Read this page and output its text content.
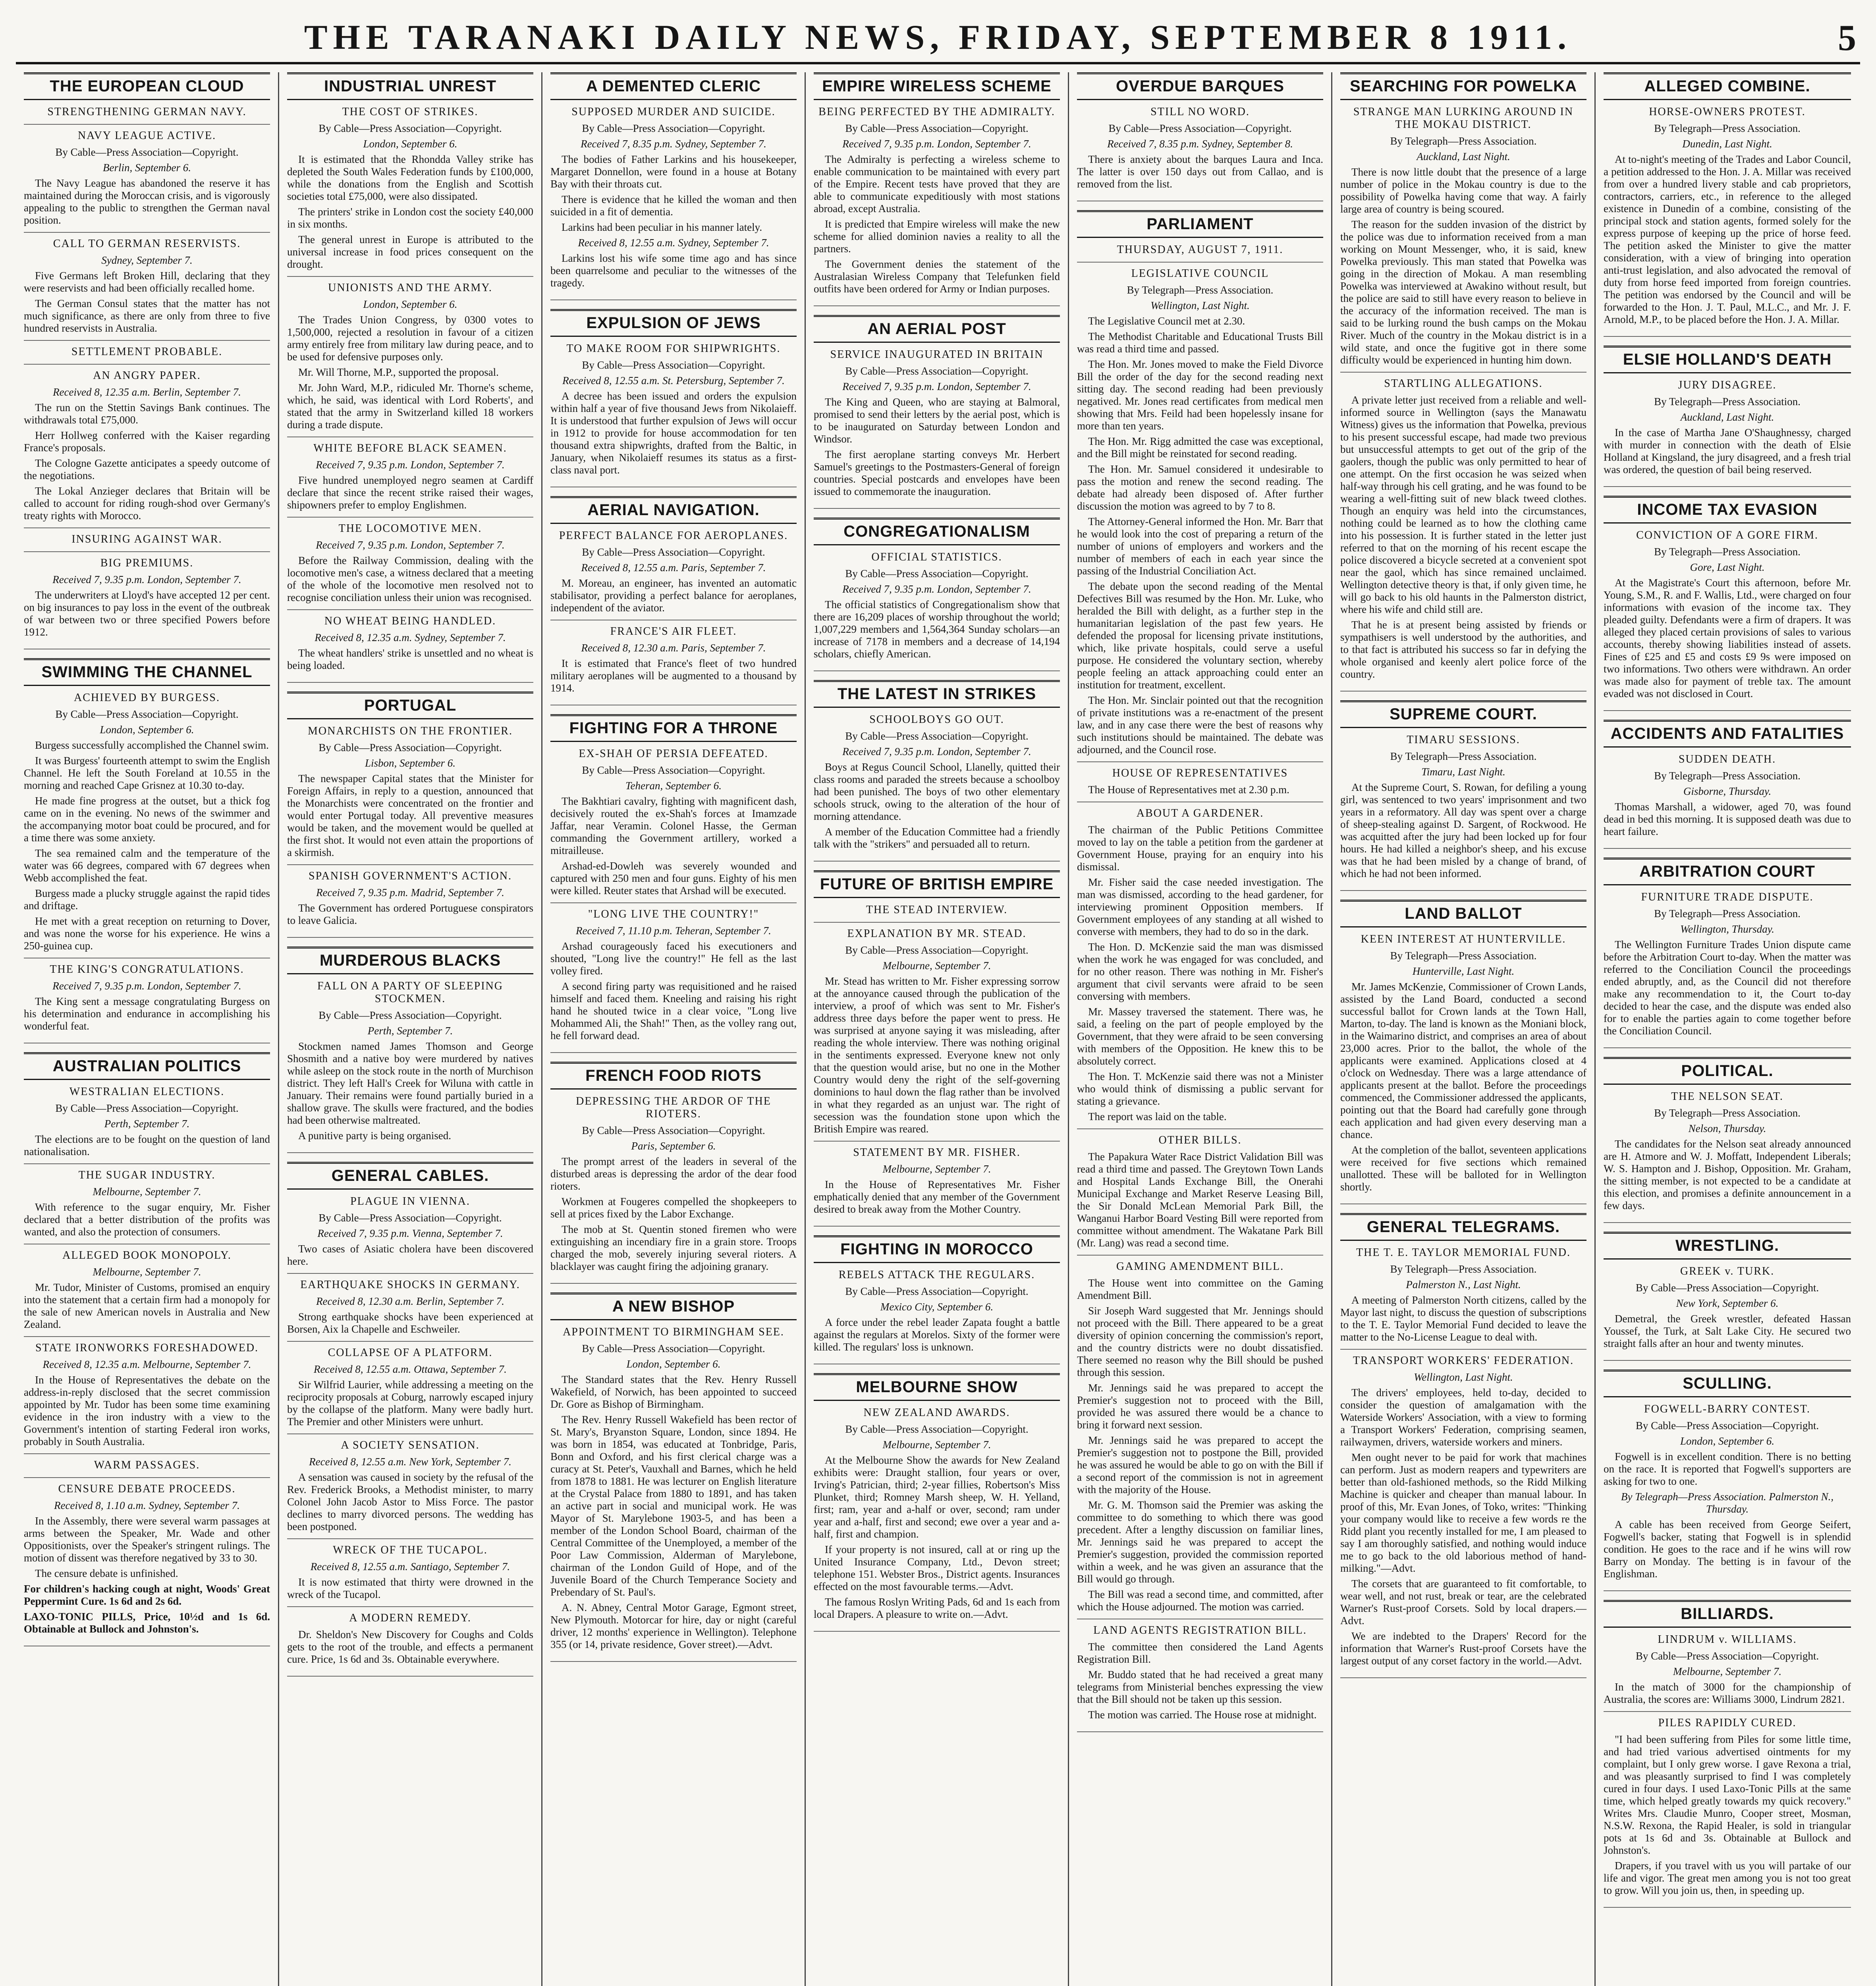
THE TARANAKI DAILY NEWS, FRIDAY, SEPTEMBER 8 1911.	5
THE EUROPEAN CLOUD
STRENGTHENING GERMAN NAVY.
NAVY LEAGUE ACTIVE.

By Cable—Press Association—Copyright.

Berlin, September 6.

The Navy League has abandoned the reserve it has maintained during the Moroccan crisis, and is vigorously appealing to the public to strengthen the German naval position.

CALL TO GERMAN RESERVISTS.

Sydney, September 7.

Five Germans left Broken Hill, declaring that they were reservists and had been officially recalled home.

The German Consul states that the matter has not much significance, as there are only from three to five hundred reservists in Australia.

SETTLEMENT PROBABLE.
AN ANGRY PAPER.

Received 8, 12.35 a.m. Berlin, September 7.

The run on the Stettin Savings Bank continues. The withdrawals total £75,000.

Herr Hollweg conferred with the Kaiser regarding France's proposals.

The Cologne Gazette anticipates a speedy outcome of the negotiations.

The Lokal Anzieger declares that Britain will be called to account for riding rough-shod over Germany's treaty rights with Morocco.

INSURING AGAINST WAR.
BIG PREMIUMS.

Received 7, 9.35 p.m. London, September 7.

The underwriters at Lloyd's have accepted 12 per cent. on big insurances to pay loss in the event of the outbreak of war between two or three specified Powers before 1912.

SWIMMING THE CHANNEL
ACHIEVED BY BURGESS.

By Cable—Press Association—Copyright.

London, September 6.

Burgess successfully accomplished the Channel swim.

It was Burgess' fourteenth attempt to swim the English Channel. He left the South Foreland at 10.55 in the morning and reached Cape Grisnez at 10.30 to-day.

He made fine progress at the outset, but a thick fog came on in the evening. No news of the swimmer and the accompanying motor boat could be procured, and for a time there was some anxiety.

The sea remained calm and the temperature of the water was 66 degrees, compared with 67 degrees when Webb accomplished the feat.

Burgess made a plucky struggle against the rapid tides and driftage.

He met with a great reception on returning to Dover, and was none the worse for his experience. He wins a 250-guinea cup.

THE KING'S CONGRATULATIONS.

Received 7, 9.35 p.m. London, September 7.

The King sent a message congratulating Burgess on his determination and endurance in accomplishing his wonderful feat.

AUSTRALIAN POLITICS
WESTRALIAN ELECTIONS.

By Cable—Press Association—Copyright.

Perth, September 7.

The elections are to be fought on the question of land nationalisation.

THE SUGAR INDUSTRY.

Melbourne, September 7.

With reference to the sugar enquiry, Mr. Fisher declared that a better distribution of the profits was wanted, and also the protection of consumers.

ALLEGED BOOK MONOPOLY.

Melbourne, September 7.

Mr. Tudor, Minister of Customs, promised an enquiry into the statement that a certain firm had a monopoly for the sale of new American novels in Australia and New Zealand.

STATE IRONWORKS FORESHADOWED.

Received 8, 12.35 a.m. Melbourne, September 7.

In the House of Representatives the debate on the address-in-reply disclosed that the secret commission appointed by Mr. Tudor has been some time examining evidence in the iron industry with a view to the Government's intention of starting Federal iron works, probably in South Australia.

WARM PASSAGES.
CENSURE DEBATE PROCEEDS.

Received 8, 1.10 a.m. Sydney, September 7.

In the Assembly, there were several warm passages at arms between the Speaker, Mr. Wade and other Oppositionists, over the Speaker's stringent rulings. The motion of dissent was therefore negatived by 33 to 30.

The censure debate is unfinished.

For children's hacking cough at night, Woods' Great Peppermint Cure. 1s 6d and 2s 6d.

LAXO-TONIC PILLS, Price, 10½d and 1s 6d. Obtainable at Bullock and Johnston's.

INDUSTRIAL UNREST
THE COST OF STRIKES.

By Cable—Press Association—Copyright.

London, September 6.

It is estimated that the Rhondda Valley strike has depleted the South Wales Federation funds by £100,000, while the donations from the English and Scottish societies total £75,000, were also dissipated.

The printers' strike in London cost the society £40,000 in six months.

The general unrest in Europe is attributed to the universal increase in food prices consequent on the drought.

UNIONISTS AND THE ARMY.

London, September 6.

The Trades Union Congress, by 0300 votes to 1,500,000, rejected a resolution in favour of a citizen army entirely free from military law during peace, and to be used for defensive purposes only.

Mr. Will Thorne, M.P., supported the proposal.

Mr. John Ward, M.P., ridiculed Mr. Thorne's scheme, which, he said, was identical with Lord Roberts', and stated that the army in Switzerland killed 18 workers during a trade dispute.

WHITE BEFORE BLACK SEAMEN.

Received 7, 9.35 p.m. London, September 7.

Five hundred unemployed negro seamen at Cardiff declare that since the recent strike raised their wages, shipowners prefer to employ Englishmen.

THE LOCOMOTIVE MEN.

Received 7, 9.35 p.m. London, September 7.

Before the Railway Commission, dealing with the locomotive men's case, a witness declared that a meeting of the whole of the locomotive men resolved not to recognise conciliation unless their union was recognised.

NO WHEAT BEING HANDLED.

Received 8, 12.35 a.m. Sydney, September 7.

The wheat handlers' strike is unsettled and no wheat is being loaded.

PORTUGAL
MONARCHISTS ON THE FRONTIER.

By Cable—Press Association—Copyright.

Lisbon, September 6.

The newspaper Capital states that the Minister for Foreign Affairs, in reply to a question, announced that the Monarchists were concentrated on the frontier and would enter Portugal today. All preventive measures would be taken, and the movement would be quelled at the first shot. It would not even attain the proportions of a skirmish.

SPANISH GOVERNMENT'S ACTION.

Received 7, 9.35 p.m. Madrid, September 7.

The Government has ordered Portuguese conspirators to leave Galicia.

MURDEROUS BLACKS
FALL ON A PARTY OF SLEEPING STOCKMEN.

By Cable—Press Association—Copyright.

Perth, September 7.

Stockmen named James Thomson and George Shosmith and a native boy were murdered by natives while asleep on the stock route in the north of Murchison district. They left Hall's Creek for Wiluna with cattle in January. Their remains were found partially buried in a shallow grave. The skulls were fractured, and the bodies had been otherwise maltreated.

A punitive party is being organised.

GENERAL CABLES.
PLAGUE IN VIENNA.

By Cable—Press Association—Copyright.

Received 7, 9.35 p.m. Vienna, September 7.

Two cases of Asiatic cholera have been discovered here.

EARTHQUAKE SHOCKS IN GERMANY.

Received 8, 12.30 a.m. Berlin, September 7.

Strong earthquake shocks have been experienced at Borsen, Aix la Chapelle and Eschweiler.

COLLAPSE OF A PLATFORM.

Received 8, 12.55 a.m. Ottawa, September 7.

Sir Wilfrid Laurier, while addressing a meeting on the reciprocity proposals at Coburg, narrowly escaped injury by the collapse of the platform. Many were badly hurt. The Premier and other Ministers were unhurt.

A SOCIETY SENSATION.

Received 8, 12.55 a.m. New York, September 7.

A sensation was caused in society by the refusal of the Rev. Frederick Brooks, a Methodist minister, to marry Colonel John Jacob Astor to Miss Force. The pastor declines to marry divorced persons. The wedding has been postponed.

WRECK OF THE TUCAPOL.

Received 8, 12.55 a.m. Santiago, September 7.

It is now estimated that thirty were drowned in the wreck of the Tucapol.

A MODERN REMEDY.

Dr. Sheldon's New Discovery for Coughs and Colds gets to the root of the trouble, and effects a permanent cure. Price, 1s 6d and 3s. Obtainable everywhere.

A DEMENTED CLERIC
SUPPOSED MURDER AND SUICIDE.

By Cable—Press Association—Copyright.

Received 7, 8.35 p.m. Sydney, September 7.

The bodies of Father Larkins and his housekeeper, Margaret Donnellon, were found in a house at Botany Bay with their throats cut.

There is evidence that he killed the woman and then suicided in a fit of dementia.

Larkins had been peculiar in his manner lately.

Received 8, 12.55 a.m. Sydney, September 7.

Larkins lost his wife some time ago and has since been quarrelsome and peculiar to the witnesses of the tragedy.

EXPULSION OF JEWS
TO MAKE ROOM FOR SHIPWRIGHTS.

By Cable—Press Association—Copyright.

Received 8, 12.55 a.m. St. Petersburg, September 7.

A decree has been issued and orders the expulsion within half a year of five thousand Jews from Nikolaieff. It is understood that further expulsion of Jews will occur in 1912 to provide for house accommodation for ten thousand extra shipwrights, drafted from the Baltic, in January, when Nikolaieff resumes its status as a first-class naval port.

AERIAL NAVIGATION.
PERFECT BALANCE FOR AEROPLANES.

By Cable—Press Association—Copyright.

Received 8, 12.55 a.m. Paris, September 7.

M. Moreau, an engineer, has invented an automatic stabilisator, providing a perfect balance for aeroplanes, independent of the aviator.

FRANCE'S AIR FLEET.

Received 8, 12.30 a.m. Paris, September 7.

It is estimated that France's fleet of two hundred military aeroplanes will be augmented to a thousand by 1914.

FIGHTING FOR A THRONE
EX-SHAH OF PERSIA DEFEATED.

By Cable—Press Association—Copyright.

Teheran, September 6.

The Bakhtiari cavalry, fighting with magnificent dash, decisively routed the ex-Shah's forces at Imamzade Jaffar, near Veramin. Colonel Hasse, the German commanding the Government artillery, worked a mitrailleuse.

Arshad-ed-Dowleh was severely wounded and captured with 250 men and four guns. Eighty of his men were killed. Reuter states that Arshad will be executed.

"LONG LIVE THE COUNTRY!"

Received 7, 11.10 p.m. Teheran, September 7.

Arshad courageously faced his executioners and shouted, "Long live the country!" He fell as the last volley fired.

A second firing party was requisitioned and he raised himself and faced them. Kneeling and raising his right hand he shouted twice in a clear voice, "Long live Mohammed Ali, the Shah!" Then, as the volley rang out, he fell forward dead.

FRENCH FOOD RIOTS
DEPRESSING THE ARDOR OF THE RIOTERS.

By Cable—Press Association—Copyright.

Paris, September 6.

The prompt arrest of the leaders in several of the disturbed areas is depressing the ardor of the dear food rioters.

Workmen at Fougeres compelled the shopkeepers to sell at prices fixed by the Labor Exchange.

The mob at St. Quentin stoned firemen who were extinguishing an incendiary fire in a grain store. Troops charged the mob, severely injuring several rioters. A blacklayer was caught firing the adjoining granary.

A NEW BISHOP
APPOINTMENT TO BIRMINGHAM SEE.

By Cable—Press Association—Copyright.

London, September 6.

The Standard states that the Rev. Henry Russell Wakefield, of Norwich, has been appointed to succeed Dr. Gore as Bishop of Birmingham.

The Rev. Henry Russell Wakefield has been rector of St. Mary's, Bryanston Square, London, since 1894. He was born in 1854, was educated at Tonbridge, Paris, Bonn and Oxford, and his first clerical charge was a curacy at St. Peter's, Vauxhall and Barnes, which he held from 1878 to 1881. He was lecturer on English literature at the Crystal Palace from 1880 to 1891, and has taken an active part in social and municipal work. He was Mayor of St. Marylebone 1903-5, and has been a member of the London School Board, chairman of the Central Committee of the Unemployed, a member of the Poor Law Commission, Alderman of Marylebone, chairman of the London Guild of Hope, and of the Juvenile Board of the Church Temperance Society and Prebendary of St. Paul's.

A. N. Abney, Central Motor Garage, Egmont street, New Plymouth. Motorcar for hire, day or night (careful driver, 12 months' experience in Wellington). Telephone 355 (or 14, private residence, Gover street).—Advt.

EMPIRE WIRELESS SCHEME
BEING PERFECTED BY THE ADMIRALTY.

By Cable—Press Association—Copyright.

Received 7, 9.35 p.m. London, September 7.

The Admiralty is perfecting a wireless scheme to enable communication to be maintained with every part of the Empire. Recent tests have proved that they are able to communicate expeditiously with most stations abroad, except Australia.

It is predicted that Empire wireless will make the new scheme for allied dominion navies a reality to all the partners.

The Government denies the statement of the Australasian Wireless Company that Telefunken field outfits have been ordered for Army or Indian purposes.

AN AERIAL POST
SERVICE INAUGURATED IN BRITAIN

By Cable—Press Association—Copyright.

Received 7, 9.35 p.m. London, September 7.

The King and Queen, who are staying at Balmoral, promised to send their letters by the aerial post, which is to be inaugurated on Saturday between London and Windsor.

The first aeroplane starting conveys Mr. Herbert Samuel's greetings to the Postmasters-General of foreign countries. Special postcards and envelopes have been issued to commemorate the inauguration.

CONGREGATIONALISM
OFFICIAL STATISTICS.

By Cable—Press Association—Copyright.

Received 7, 9.35 p.m. London, September 7.

The official statistics of Congregationalism show that there are 16,209 places of worship throughout the world; 1,007,229 members and 1,564,364 Sunday scholars—an increase of 7178 in members and a decrease of 14,194 scholars, chiefly American.

THE LATEST IN STRIKES
SCHOOLBOYS GO OUT.

By Cable—Press Association—Copyright.

Received 7, 9.35 p.m. London, September 7.

Boys at Regus Council School, Llanelly, quitted their class rooms and paraded the streets because a schoolboy had been punished. The boys of two other elementary schools struck, owing to the alteration of the hour of morning attendance.

A member of the Education Committee had a friendly talk with the "strikers" and persuaded all to return.

FUTURE OF BRITISH EMPIRE
THE STEAD INTERVIEW.
EXPLANATION BY MR. STEAD.

By Cable—Press Association—Copyright.

Melbourne, September 7.

Mr. Stead has written to Mr. Fisher expressing sorrow at the annoyance caused through the publication of the interview, a proof of which was sent to Mr. Fisher's address three days before the paper went to press. He was surprised at anyone saying it was misleading, after reading the whole interview. There was nothing original in the sentiments expressed. Everyone knew not only that the question would arise, but no one in the Mother Country would deny the right of the self-governing dominions to haul down the flag rather than be involved in what they regarded as an unjust war. The right of secession was the foundation stone upon which the British Empire was reared.

STATEMENT BY MR. FISHER.

Melbourne, September 7.

In the House of Representatives Mr. Fisher emphatically denied that any member of the Government desired to break away from the Mother Country.

FIGHTING IN MOROCCO
REBELS ATTACK THE REGULARS.

By Cable—Press Association—Copyright.

Mexico City, September 6.

A force under the rebel leader Zapata fought a battle against the regulars at Morelos. Sixty of the former were killed. The regulars' loss is unknown.

MELBOURNE SHOW
NEW ZEALAND AWARDS.

By Cable—Press Association—Copyright.

Melbourne, September 7.

At the Melbourne Show the awards for New Zealand exhibits were: Draught stallion, four years or over, Irving's Patrician, third; 2-year fillies, Robertson's Miss Plunket, third; Romney Marsh sheep, W. H. Yelland, first; ram, year and a-half or over, second; ram under year and a-half, first and second; ewe over a year and a-half, first and champion.

If your property is not insured, call at or ring up the United Insurance Company, Ltd., Devon street; telephone 151. Webster Bros., District agents. Insurances effected on the most favourable terms.—Advt.

The famous Roslyn Writing Pads, 6d and 1s each from local Drapers. A pleasure to write on.—Advt.

OVERDUE BARQUES
STILL NO WORD.

By Cable—Press Association—Copyright.

Received 7, 8.35 p.m. Sydney, September 8.

There is anxiety about the barques Laura and Inca. The latter is over 150 days out from Callao, and is removed from the list.

PARLIAMENT
THURSDAY, AUGUST 7, 1911.
LEGISLATIVE COUNCIL

By Telegraph—Press Association.

Wellington, Last Night.

The Legislative Council met at 2.30.

The Methodist Charitable and Educational Trusts Bill was read a third time and passed.

The Hon. Mr. Jones moved to make the Field Divorce Bill the order of the day for the second reading next sitting day. The second reading had been previously negatived. Mr. Jones read certificates from medical men showing that Mrs. Feild had been hopelessly insane for more than ten years.

The Hon. Mr. Rigg admitted the case was exceptional, and the Bill might be reinstated for second reading.

The Hon. Mr. Samuel considered it undesirable to pass the motion and renew the second reading. The debate had already been disposed of. After further discussion the motion was agreed to by 7 to 8.

The Attorney-General informed the Hon. Mr. Barr that he would look into the cost of preparing a return of the number of unions of employers and workers and the number of members of each in each year since the passing of the Industrial Conciliation Act.

The debate upon the second reading of the Mental Defectives Bill was resumed by the Hon. Mr. Luke, who heralded the Bill with delight, as a further step in the humanitarian legislation of the past few years. He defended the proposal for licensing private institutions, which, like private hospitals, could serve a useful purpose. He considered the voluntary section, whereby people feeling an attack approaching could enter an institution for treatment, excellent.

The Hon. Mr. Sinclair pointed out that the recognition of private institutions was a re-enactment of the present law, and in any case there were the best of reasons why such institutions should be maintained. The debate was adjourned, and the Council rose.

HOUSE OF REPRESENTATIVES

The House of Representatives met at 2.30 p.m.

ABOUT A GARDENER.

The chairman of the Public Petitions Committee moved to lay on the table a petition from the gardener at Government House, praying for an enquiry into his dismissal.

Mr. Fisher said the case needed investigation. The man was dismissed, according to the head gardener, for interviewing prominent Opposition members. If Government employees of any standing at all wished to converse with members, they had to do so in the dark.

The Hon. D. McKenzie said the man was dismissed when the work he was engaged for was concluded, and for no other reason. There was nothing in Mr. Fisher's argument that civil servants were afraid to be seen conversing with members.

Mr. Massey traversed the statement. There was, he said, a feeling on the part of people employed by the Government, that they were afraid to be seen conversing with members of the Opposition. He knew this to be absolutely correct.

The Hon. T. McKenzie said there was not a Minister who would think of dismissing a public servant for stating a grievance.

The report was laid on the table.

OTHER BILLS.

The Papakura Water Race District Validation Bill was read a third time and passed. The Greytown Town Lands and Hospital Lands Exchange Bill, the Onerahi Municipal Exchange and Market Reserve Leasing Bill, the Sir Donald McLean Memorial Park Bill, the Wanganui Harbor Board Vesting Bill were reported from committee without amendment. The Wakatane Park Bill (Mr. Lang) was read a second time.

GAMING AMENDMENT BILL.

The House went into committee on the Gaming Amendment Bill.

Sir Joseph Ward suggested that Mr. Jennings should not proceed with the Bill. There appeared to be a great diversity of opinion concerning the commission's report, and the country districts were no doubt dissatisfied. There seemed no reason why the Bill should be pushed through this session.

Mr. Jennings said he was prepared to accept the Premier's suggestion not to proceed with the Bill, provided he was assured there would be a chance to bring it forward next session.

Mr. Jennings said he was prepared to accept the Premier's suggestion not to postpone the Bill, provided he was assured he would be able to go on with the Bill if a second report of the commission is not in agreement with the majority of the House.

Mr. G. M. Thomson said the Premier was asking the committee to do something to which there was good precedent. After a lengthy discussion on familiar lines, Mr. Jennings said he was prepared to accept the Premier's suggestion, provided the commission reported within a week, and he was given an assurance that the Bill would go through.

The Bill was read a second time, and committed, after which the House adjourned. The motion was carried.

LAND AGENTS REGISTRATION BILL.

The committee then considered the Land Agents Registration Bill.

Mr. Buddo stated that he had received a great many telegrams from Ministerial benches expressing the view that the Bill should not be taken up this session.

The motion was carried. The House rose at midnight.

SEARCHING FOR POWELKA
STRANGE MAN LURKING AROUND IN THE MOKAU DISTRICT.

By Telegraph—Press Association.

Auckland, Last Night.

There is now little doubt that the presence of a large number of police in the Mokau country is due to the possibility of Powelka having come that way. A fairly large area of country is being scoured.

The reason for the sudden invasion of the district by the police was due to information received from a man working on Mount Messenger, who, it is said, knew Powelka previously. This man stated that Powelka was going in the direction of Mokau. A man resembling Powelka was interviewed at Awakino without result, but the police are said to still have every reason to believe in the accuracy of the information received. The man is said to be lurking round the bush camps on the Mokau River. Much of the country in the Mokau district is in a wild state, and once the fugitive got in there some difficulty would be experienced in hunting him down.

STARTLING ALLEGATIONS.

A private letter just received from a reliable and well-informed source in Wellington (says the Manawatu Witness) gives us the information that Powelka, previous to his present successful escape, had made two previous but unsuccessful attempts to get out of the grip of the gaolers, though the public was only permitted to hear of one attempt. On the first occasion he was seized when half-way through his cell grating, and he was found to be wearing a well-fitting suit of new black tweed clothes. Though an enquiry was held into the circumstances, nothing could be learned as to how the clothing came into his possession. It is further stated in the letter just referred to that on the morning of his recent escape the police discovered a bicycle secreted at a convenient spot near the gaol, which has since remained unclaimed. Wellington detective theory is that, if only given time, he will go back to his old haunts in the Palmerston district, where his wife and child still are.

That he is at present being assisted by friends or sympathisers is well understood by the authorities, and to that fact is attributed his success so far in defying the whole organised and keenly alert police force of the country.

SUPREME COURT.
TIMARU SESSIONS.

By Telegraph—Press Association.

Timaru, Last Night.

At the Supreme Court, S. Rowan, for defiling a young girl, was sentenced to two years' imprisonment and two years in a reformatory. All day was spent over a charge of sheep-stealing against D. Sargent, of Rockwood. He was acquitted after the jury had been locked up for four hours. He had killed a neighbor's sheep, and his excuse was that he had been misled by a change of brand, of which he had not been informed.

LAND BALLOT
KEEN INTEREST AT HUNTERVILLE.

By Telegraph—Press Association.

Hunterville, Last Night.

Mr. James McKenzie, Commissioner of Crown Lands, assisted by the Land Board, conducted a second successful ballot for Crown lands at the Town Hall, Marton, to-day. The land is known as the Moniani block, in the Waimarino district, and comprises an area of about 23,000 acres. Prior to the ballot, the whole of the applicants were examined. Applications closed at 4 o'clock on Wednesday. There was a large attendance of applicants present at the ballot. Before the proceedings commenced, the Commissioner addressed the applicants, pointing out that the Board had carefully gone through each application and had given every deserving man a chance.

At the completion of the ballot, seventeen applications were received for five sections which remained unallotted. These will be balloted for in Wellington shortly.

GENERAL TELEGRAMS.
THE T. E. TAYLOR MEMORIAL FUND.

By Telegraph—Press Association.

Palmerston N., Last Night.

A meeting of Palmerston North citizens, called by the Mayor last night, to discuss the question of subscriptions to the T. E. Taylor Memorial Fund decided to leave the matter to the No-License League to deal with.

TRANSPORT WORKERS' FEDERATION.

Wellington, Last Night.

The drivers' employees, held to-day, decided to consider the question of amalgamation with the Waterside Workers' Association, with a view to forming a Transport Workers' Federation, comprising seamen, railwaymen, drivers, waterside workers and miners.

Men ought never to be paid for work that machines can perform. Just as modern reapers and typewriters are better than old-fashioned methods, so the Ridd Milking Machine is quicker and cheaper than manual labour. In proof of this, Mr. Evan Jones, of Toko, writes: "Thinking your company would like to receive a few words re the Ridd plant you recently installed for me, I am pleased to say I am thoroughly satisfied, and nothing would induce me to go back to the old laborious method of hand-milking."—Advt.

The corsets that are guaranteed to fit comfortable, to wear well, and not rust, break or tear, are the celebrated Warner's Rust-proof Corsets. Sold by local drapers.—Advt.

We are indebted to the Drapers' Record for the information that Warner's Rust-proof Corsets have the largest output of any corset factory in the world.—Advt.

ALLEGED COMBINE.
HORSE-OWNERS PROTEST.

By Telegraph—Press Association.

Dunedin, Last Night.

At to-night's meeting of the Trades and Labor Council, a petition addressed to the Hon. J. A. Millar was received from over a hundred livery stable and cab proprietors, contractors, carriers, etc., in reference to the alleged existence in Dunedin of a combine, consisting of the principal stock and station agents, formed solely for the express purpose of keeping up the price of horse feed. The petition asked the Minister to give the matter consideration, with a view of bringing into operation anti-trust legislation, and also advocated the removal of duty from horse feed imported from foreign countries. The petition was endorsed by the Council and will be forwarded to the Hon. J. T. Paul, M.L.C., and Mr. J. F. Arnold, M.P., to be placed before the Hon. J. A. Millar.

ELSIE HOLLAND'S DEATH
JURY DISAGREE.

By Telegraph—Press Association.

Auckland, Last Night.

In the case of Martha Jane O'Shaughnessy, charged with murder in connection with the death of Elsie Holland at Kingsland, the jury disagreed, and a fresh trial was ordered, the question of bail being reserved.

INCOME TAX EVASION
CONVICTION OF A GORE FIRM.

By Telegraph—Press Association.

Gore, Last Night.

At the Magistrate's Court this afternoon, before Mr. Young, S.M., R. and F. Wallis, Ltd., were charged on four informations with evasion of the income tax. They pleaded guilty. Defendants were a firm of drapers. It was alleged they placed certain provisions of sales to various accounts, thereby showing liabilities instead of assets. Fines of £25 and £5 and costs £9 9s were imposed on two informations. Two others were withdrawn. An order was made also for payment of treble tax. The amount evaded was not disclosed in Court.

ACCIDENTS AND FATALITIES
SUDDEN DEATH.

By Telegraph—Press Association.

Gisborne, Thursday.

Thomas Marshall, a widower, aged 70, was found dead in bed this morning. It is supposed death was due to heart failure.

ARBITRATION COURT
FURNITURE TRADE DISPUTE.

By Telegraph—Press Association.

Wellington, Thursday.

The Wellington Furniture Trades Union dispute came before the Arbitration Court to-day. When the matter was referred to the Conciliation Council the proceedings ended abruptly, and, as the Council did not therefore make any recommendation to it, the Court to-day decided to hear the case, and the dispute was ended also for to enable the parties again to come together before the Conciliation Council.

POLITICAL.
THE NELSON SEAT.

By Telegraph—Press Association.

Nelson, Thursday.

The candidates for the Nelson seat already announced are H. Atmore and W. J. Moffatt, Independent Liberals; W. S. Hampton and J. Bishop, Opposition. Mr. Graham, the sitting member, is not expected to be a candidate at this election, and promises a definite announcement in a few days.

WRESTLING.
GREEK v. TURK.

By Cable—Press Association—Copyright.

New York, September 6.

Demetral, the Greek wrestler, defeated Hassan Youssef, the Turk, at Salt Lake City. He secured two straight falls after an hour and twenty minutes.

SCULLING.
FOGWELL-BARRY CONTEST.

By Cable—Press Association—Copyright.

London, September 6.

Fogwell is in excellent condition. There is no betting on the race. It is reported that Fogwell's supporters are asking for two to one.

By Telegraph—Press Association. Palmerston N., Thursday.

A cable has been received from George Seifert, Fogwell's backer, stating that Fogwell is in splendid condition. He goes to the race and if he wins will row Barry on Monday. The betting is in favour of the Englishman.

BILLIARDS.
LINDRUM v. WILLIAMS.

By Cable—Press Association—Copyright.

Melbourne, September 7.

In the match of 3000 for the championship of Australia, the scores are: Williams 3000, Lindrum 2821.

PILES RAPIDLY CURED.

"I had been suffering from Piles for some little time, and had tried various advertised ointments for my complaint, but I only grew worse. I gave Rexona a trial, and was pleasantly surprised to find I was completely cured in four days. I used Laxo-Tonic Pills at the same time, which helped greatly towards my quick recovery." Writes Mrs. Claudie Munro, Cooper street, Mosman, N.S.W. Rexona, the Rapid Healer, is sold in triangular pots at 1s 6d and 3s. Obtainable at Bullock and Johnston's.

Drapers, if you travel with us you will partake of our life and vigor. The great men among you is not too great to grow. Will you join us, then, in speeding up.
